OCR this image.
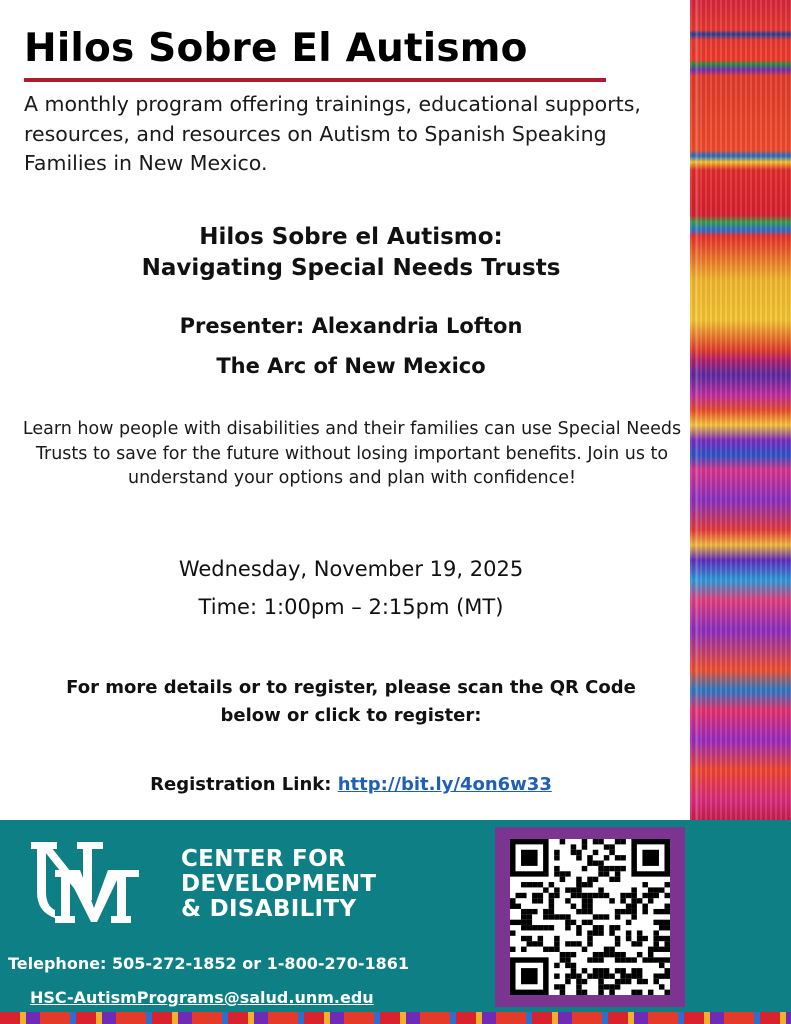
Hilos Sobre El Autismo
A monthly program offering trainings, educational supports, resources, and resources on Autism to Spanish Speaking Families in New Mexico.
Hilos Sobre el Autismo:
Navigating Special Needs Trusts
Presenter: Alexandria Lofton
The Arc of New Mexico
Learn how people with disabilities and their families can use Special Needs Trusts to save for the future without losing important benefits. Join us to understand your options and plan with confidence!
Wednesday, November 19, 2025
Time: 1:00pm – 2:15pm (MT)
For more details or to register, please scan the QR Code
below or click to register:
Registration Link: http://bit.ly/4on6w33
CENTER FOR
DEVELOPMENT
& DISABILITY
Telephone: 505-272-1852 or 1-800-270-1861
HSC-AutismPrograms@salud.unm.edu
